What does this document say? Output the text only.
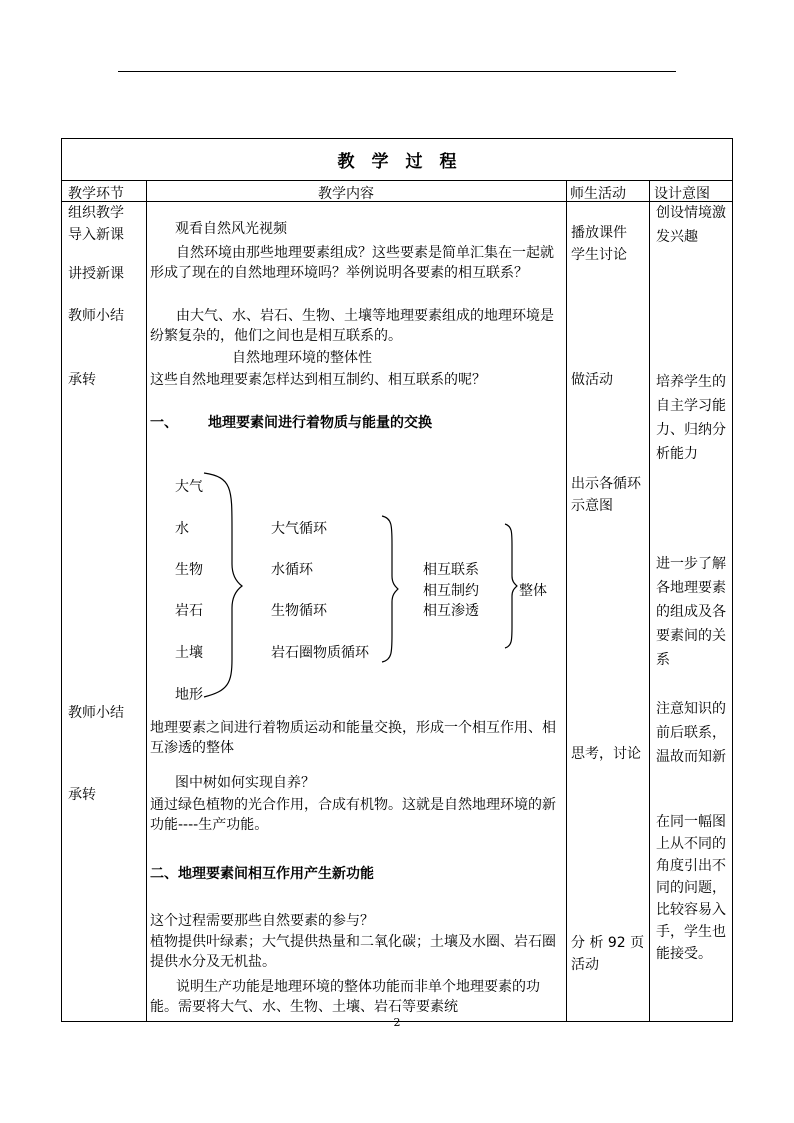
教　学　过　程
教学环节	教学内容	师生活动 设计意图
组织教学
导入新课
讲授新课
教师小结
承转
教师小结
承转
观看自然风光视频
自然环境由那些地理要素组成？这些要素是简单汇集在一起就形成了现在的自然地理环境吗？举例说明各要素的相互联系？
由大气、水、岩石、生物、土壤等地理要素组成的地理环境是纷繁复杂的，他们之间也是相互联系的。
自然地理环境的整体性
这些自然地理要素怎样达到相互制约、相互联系的呢？
一、 地理要素间进行着物质与能量的交换
大气
水
生物
岩石
土壤
地形
大气循环
水循环
生物循环
岩石圈物质循环
相互联系
相互制约
相互渗透
整体
地理要素之间进行着物质运动和能量交换，形成一个相互作用、相互渗透的整体
图中树如何实现自养？
通过绿色植物的光合作用，合成有机物。这就是自然地理环境的新功能----生产功能。
二、地理要素间相互作用产生新功能
这个过程需要那些自然要素的参与？
植物提供叶绿素；大气提供热量和二氧化碳；土壤及水圈、岩石圈提供水分及无机盐。
说明生产功能是地理环境的整体功能而非单个地理要素的功能。需要将大气、水、生物、土壤、岩石等要素统
播放课件
学生讨论
做活动
出示各循环示意图
思考，讨论
分 析 92 页活动
创设情境激发兴趣
培养学生的自主学习能力、归纳分析能力
进一步了解各地理要素的组成及各要素间的关系
注意知识的前后联系，温故而知新
在同一幅图上从不同的角度引出不同的问题，比较容易入手，学生也能接受。
2
